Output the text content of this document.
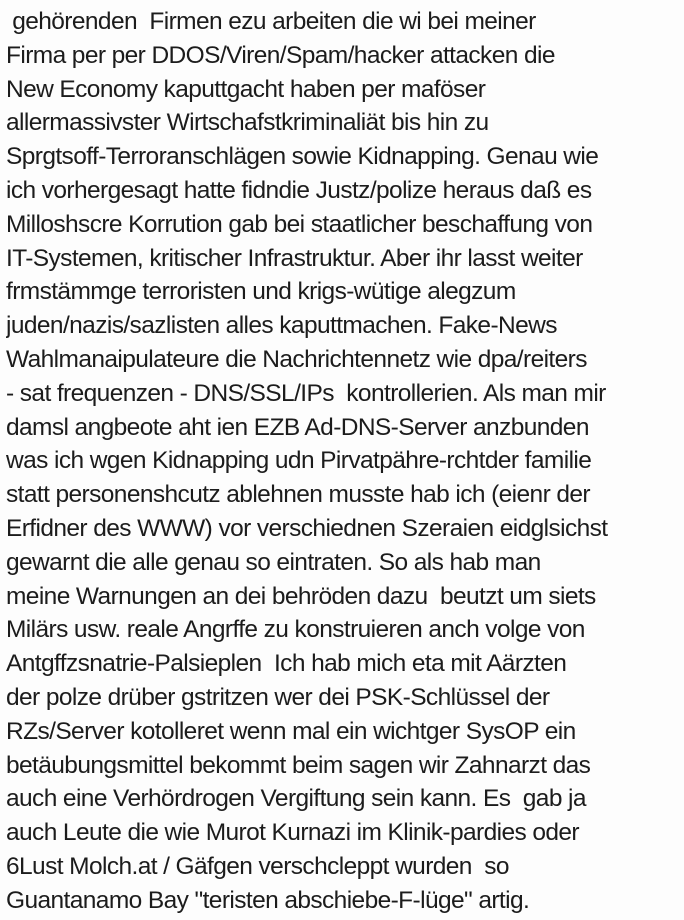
gehörenden  Firmen ezu arbeiten die wi bei meiner
Firma per per DDOS/Viren/Spam/hacker attacken die
New Economy kaputtgacht haben per maföser
allermassivster Wirtschafstkriminaliät bis hin zu
Sprgtsoff-Terroranschlägen sowie Kidnapping. Genau wie
ich vorhergesagt hatte fidndie Justz/polize heraus daß es
Milloshscre Korrution gab bei staatlicher beschaffung von
IT-Systemen, kritischer Infrastruktur. Aber ihr lasst weiter
frmstämmge terroristen und krigs-wütige alegzum
juden/nazis/sazlisten alles kaputtmachen. Fake-News
Wahlmanaipulateure die Nachrichtennetz wie dpa/reiters
- sat frequenzen - DNS/SSL/IPs  kontrollerien. Als man mir
damsl angbeote aht ien EZB Ad-DNS-Server anzbunden
was ich wgen Kidnapping udn Pirvatpähre-rchtder familie
statt personenshcutz ablehnen musste hab ich (eienr der
Erfidner des WWW) vor verschiednen Szeraien eidglsichst
gewarnt die alle genau so eintraten. So als hab man
meine Warnungen an dei behröden dazu  beutzt um siets
Milärs usw. reale Angrffe zu konstruieren anch volge von
Antgffzsnatrie-Palsieplen  Ich hab mich eta mit Aärzten
der polze drüber gstritzen wer dei PSK-Schlüssel der
RZs/Server kotolleret wenn mal ein wichtger SysOP ein
betäubungsmittel bekommt beim sagen wir Zahnarzt das
auch eine Verhördrogen Vergiftung sein kann. Es  gab ja
auch Leute die wie Murot Kurnazi im Klinik-pardies oder
6Lust Molch.at / Gäfgen verschcleppt wurden  so
Guantanamo Bay "teristen abschiebe-F-lüge" artig.
